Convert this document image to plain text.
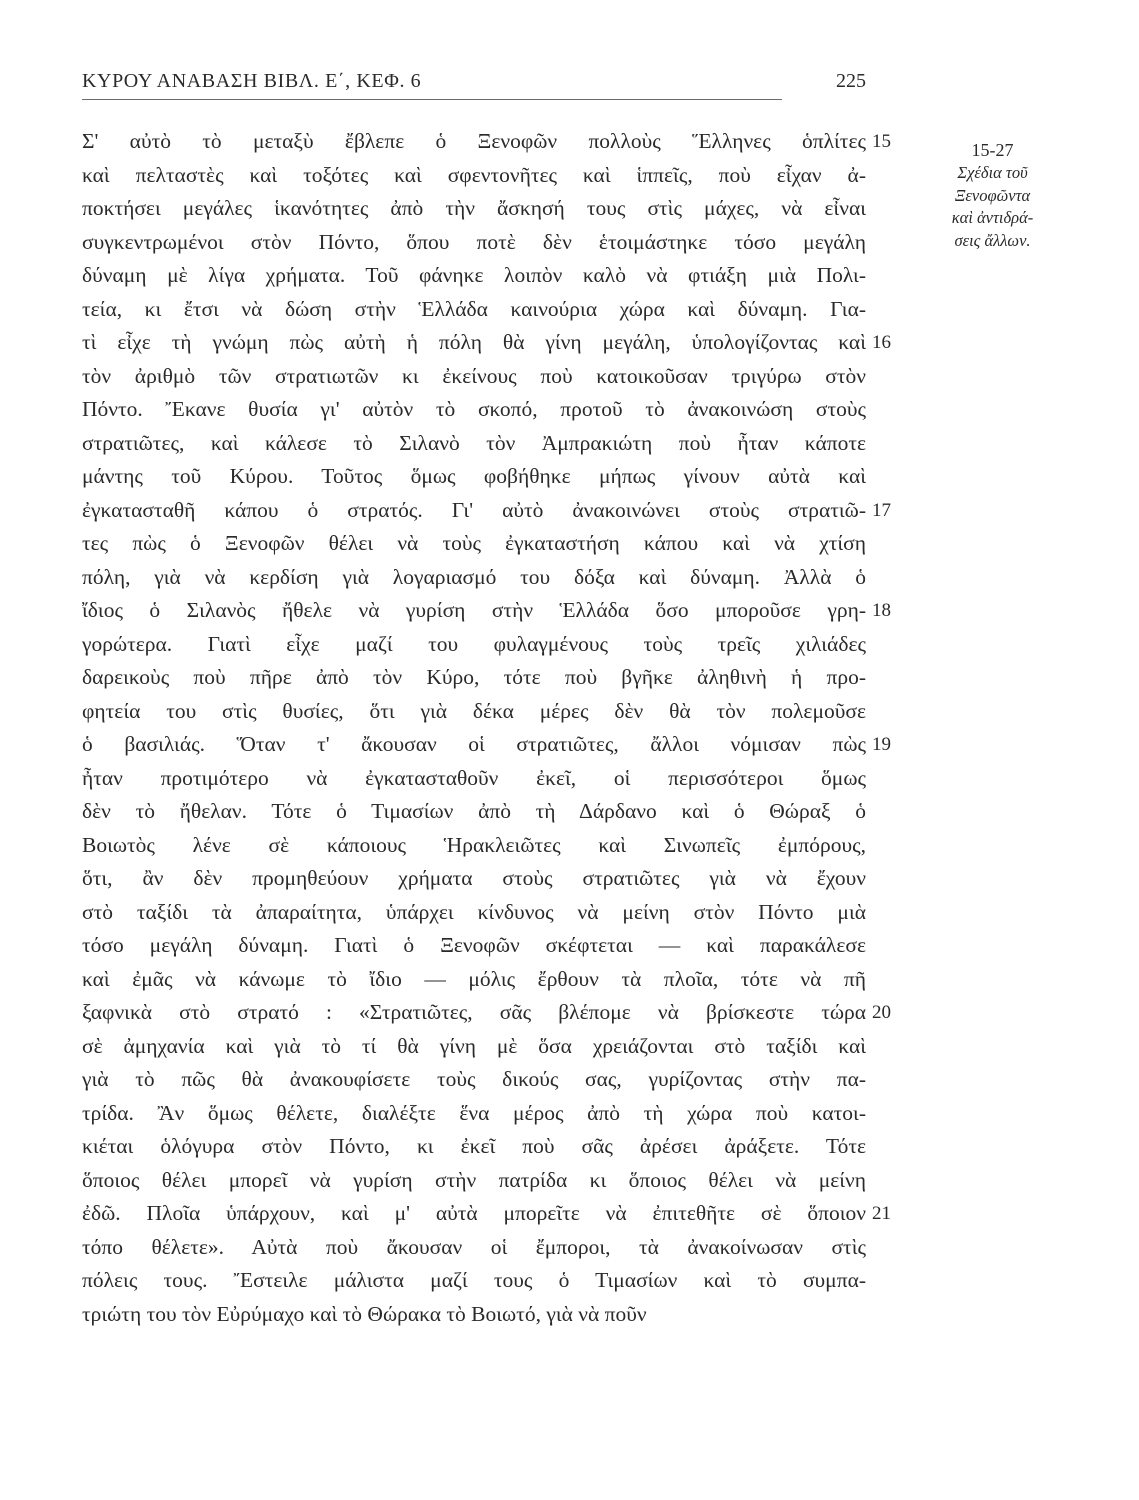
ΚΥΡΟΥ ΑΝΑΒΑΣΗ ΒΙΒΛ. Ε΄, ΚΕΦ. 6	225
Σ' αὐτὸ τὸ μεταξὺ ἔβλεπε ὁ Ξενοφῶν πολλοὺς Ἕλληνες ὁπλίτες
καὶ πελταστὲς καὶ τοξότες καὶ σφεντονῆτες καὶ ἱππεῖς, ποὺ εἶχαν ἀ-
ποκτήσει μεγάλες ἱκανότητες ἀπὸ τὴν ἄσκησή τους στὶς μάχες, νὰ εἶναι
συγκεντρωμένοι στὸν Πόντο, ὅπου ποτὲ δὲν ἑτοιμάστηκε τόσο μεγάλη
δύναμη μὲ λίγα χρήματα. Τοῦ φάνηκε λοιπὸν καλὸ νὰ φτιάξη μιὰ Πολι-
τεία, κι ἔτσι νὰ δώση στὴν Ἑλλάδα καινούρια χώρα καὶ δύναμη. Για-
τὶ εἶχε τὴ γνώμη πὼς αὐτὴ ἡ πόλη θὰ γίνη μεγάλη, ὑπολογίζοντας καὶ
τὸν ἀριθμὸ τῶν στρατιωτῶν κι ἐκείνους ποὺ κατοικοῦσαν τριγύρω στὸν
Πόντο. Ἔκανε θυσία γι' αὐτὸν τὸ σκοπό, προτοῦ τὸ ἀνακοινώση στοὺς
στρατιῶτες, καὶ κάλεσε τὸ Σιλανὸ τὸν Ἀμπρακιώτη ποὺ ἦταν κάποτε
μάντης τοῦ Κύρου. Τοῦτος ὅμως φοβήθηκε μήπως γίνουν αὐτὰ καὶ
ἐγκατασταθῆ κάπου ὁ στρατός. Γι' αὐτὸ ἀνακοινώνει στοὺς στρατιῶ-
τες πὼς ὁ Ξενοφῶν θέλει νὰ τοὺς ἐγκαταστήση κάπου καὶ νὰ χτίση
πόλη, γιὰ νὰ κερδίση γιὰ λογαριασμό του δόξα καὶ δύναμη. Ἀλλὰ ὁ
ἴδιος ὁ Σιλανὸς ἤθελε νὰ γυρίση στὴν Ἑλλάδα ὅσο μποροῦσε γρη-
γορώτερα. Γιατὶ εἶχε μαζί του φυλαγμένους τοὺς τρεῖς χιλιάδες
δαρεικοὺς ποὺ πῆρε ἀπὸ τὸν Κύρο, τότε ποὺ βγῆκε ἀληθινὴ ἡ προ-
φητεία του στὶς θυσίες, ὅτι γιὰ δέκα μέρες δὲν θὰ τὸν πολεμοῦσε
ὁ βασιλιάς. Ὅταν τ' ἄκουσαν οἱ στρατιῶτες, ἄλλοι νόμισαν πὼς
ἦταν προτιμότερο νὰ ἐγκατασταθοῦν ἐκεῖ, οἱ περισσότεροι ὅμως
δὲν τὸ ἤθελαν. Τότε ὁ Τιμασίων ἀπὸ τὴ Δάρδανο καὶ ὁ Θώραξ ὁ
Βοιωτὸς λένε σὲ κάποιους Ἡρακλειῶτες καὶ Σινωπεῖς ἐμπόρους,
ὅτι, ἂν δὲν προμηθεύουν χρήματα στοὺς στρατιῶτες γιὰ νὰ ἔχουν
στὸ ταξίδι τὰ ἀπαραίτητα, ὑπάρχει κίνδυνος νὰ μείνη στὸν Πόντο μιὰ
τόσο μεγάλη δύναμη. Γιατὶ ὁ Ξενοφῶν σκέφτεται — καὶ παρακάλεσε
καὶ ἐμᾶς νὰ κάνωμε τὸ ἴδιο — μόλις ἔρθουν τὰ πλοῖα, τότε νὰ πῆ
ξαφνικὰ στὸ στρατό : «Στρατιῶτες, σᾶς βλέπομε νὰ βρίσκεστε τώρα
σὲ ἀμηχανία καὶ γιὰ τὸ τί θὰ γίνη μὲ ὅσα χρειάζονται στὸ ταξίδι καὶ
γιὰ τὸ πῶς θὰ ἀνακουφίσετε τοὺς δικούς σας, γυρίζοντας στὴν πα-
τρίδα. Ἂν ὅμως θέλετε, διαλέξτε ἕνα μέρος ἀπὸ τὴ χώρα ποὺ κατοι-
κιέται ὁλόγυρα στὸν Πόντο, κι ἐκεῖ ποὺ σᾶς ἀρέσει ἀράξετε. Τότε
ὅποιος θέλει μπορεῖ νὰ γυρίση στὴν πατρίδα κι ὅποιος θέλει νὰ μείνη
ἐδῶ. Πλοῖα ὑπάρχουν, καὶ μ' αὐτὰ μπορεῖτε νὰ ἐπιτεθῆτε σὲ ὅποιον
τόπο θέλετε». Αὐτὰ ποὺ ἄκουσαν οἱ ἔμποροι, τὰ ἀνακοίνωσαν στὶς
πόλεις τους. Ἔστειλε μάλιστα μαζί τους ὁ Τιμασίων καὶ τὸ συμπα-
τριώτη του τὸν Εὐρύμαχο καὶ τὸ Θώρακα τὸ Βοιωτό, γιὰ νὰ ποῦν
15
16
17
18
19
20
21
15-27
Σχέδια τοῦ
Ξενοφῶντα
καὶ ἀντιδρά-
σεις ἄλλων.
